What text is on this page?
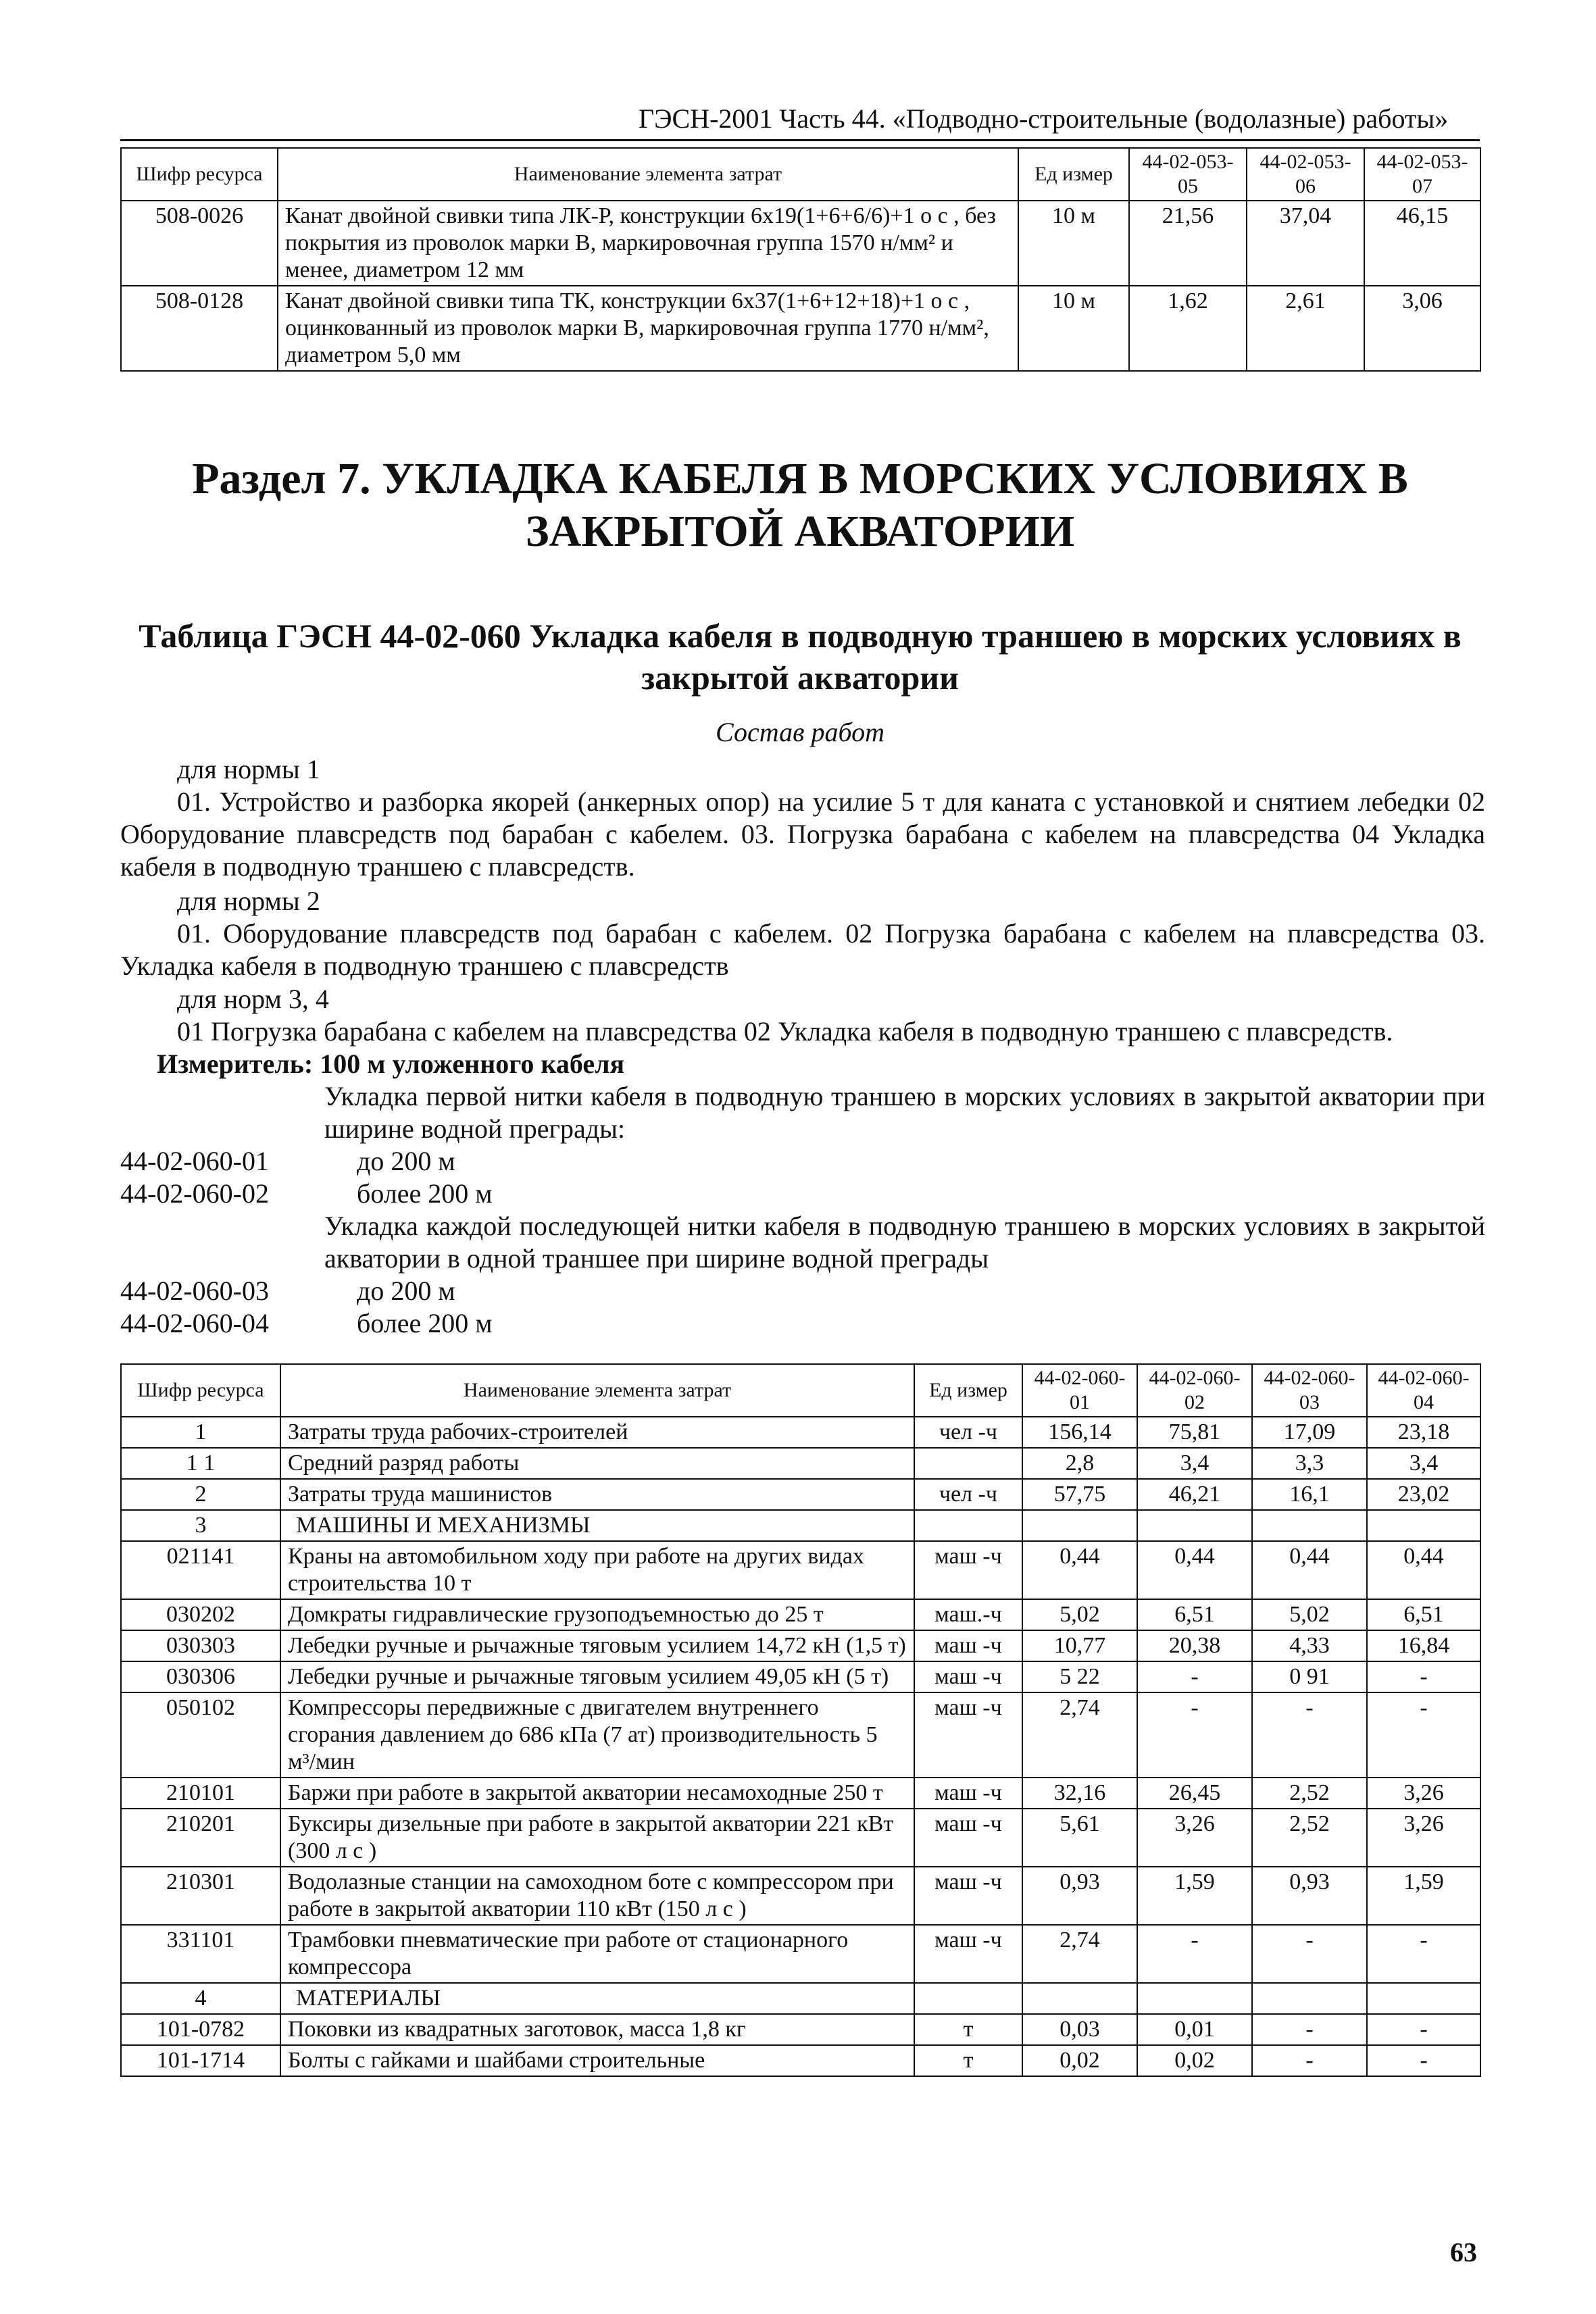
ГЭСН-2001 Часть 44. «Подводно-строительные (водолазные) работы»
Шифр ресурса	Наименование элемента затрат	Ед измер	44-02-053-05	44-02-053-06	44-02-053-07
508-0026	Канат двойной свивки типа ЛК-Р, конструкции 6х19(1+6+6/6)+1 о с , без покрытия из проволок марки В, маркировочная группа 1570 н/мм² и менее, диаметром 12 мм	10 м	21,56	37,04	46,15
508-0128	Канат двойной свивки типа ТК, конструкции 6х37(1+6+12+18)+1 о с , оцинкованный из проволок марки В, маркировочная группа 1770 н/мм², диаметром 5,0 мм	10 м	1,62	2,61	3,06
Раздел 7. УКЛАДКА КАБЕЛЯ В МОРСКИХ УСЛОВИЯХ В ЗАКРЫТОЙ АКВАТОРИИ
Таблица ГЭСН 44-02-060 Укладка кабеля в подводную траншею в морских условиях в закрытой акватории
Состав работ
для нормы 1
01. Устройство и разборка якорей (анкерных опор) на усилие 5 т для каната с установкой и снятием лебедки 02 Оборудование плавсредств под барабан с кабелем. 03. Погрузка барабана с кабелем на плавсредства 04 Укладка кабеля в подводную траншею с плавсредств.
для нормы 2
01. Оборудование плавсредств под барабан с кабелем. 02 Погрузка барабана с кабелем на плавсредства 03. Укладка кабеля в подводную траншею с плавсредств
для норм 3, 4
01 Погрузка барабана с кабелем на плавсредства 02 Укладка кабеля в подводную траншею с плавсредств.
Измеритель: 100 м уложенного кабеля
Укладка первой нитки кабеля в подводную траншею в морских условиях в закрытой акватории при ширине водной преграды:
44-02-060-01	до 200 м
44-02-060-02	более 200 м
Укладка каждой последующей нитки кабеля в подводную траншею в морских условиях в закрытой акватории в одной траншее при ширине водной преграды
44-02-060-03	до 200 м
44-02-060-04	более 200 м
Шифр ресурса	Наименование элемента затрат	Ед измер	44-02-060-01	44-02-060-02	44-02-060-03	44-02-060-04
1	Затраты труда рабочих-строителей	чел -ч	156,14	75,81	17,09	23,18
1 1	Средний разряд работы		2,8	3,4	3,3	3,4
2	Затраты труда машинистов	чел -ч	57,75	46,21	16,1	23,02
3	МАШИНЫ И МЕХАНИЗМЫ					
021141	Краны на автомобильном ходу при работе на других видах строительства 10 т	маш -ч	0,44	0,44	0,44	0,44
030202	Домкраты гидравлические грузоподъемностью до 25 т	маш.-ч	5,02	6,51	5,02	6,51
030303	Лебедки ручные и рычажные тяговым усилием 14,72 кН (1,5 т)	маш -ч	10,77	20,38	4,33	16,84
030306	Лебедки ручные и рычажные тяговым усилием 49,05 кН (5 т)	маш -ч	5 22	-	0 91	-
050102	Компрессоры передвижные с двигателем внутреннего сгорания давлением до 686 кПа (7 ат) производительность 5 м³/мин	маш -ч	2,74	-	-	-
210101	Баржи при работе в закрытой акватории несамоходные 250 т	маш -ч	32,16	26,45	2,52	3,26
210201	Буксиры дизельные при работе в закрытой акватории 221 кВт (300 л с )	маш -ч	5,61	3,26	2,52	3,26
210301	Водолазные станции на самоходном боте с компрессором при работе в закрытой акватории 110 кВт (150 л с )	маш -ч	0,93	1,59	0,93	1,59
331101	Трамбовки пневматические при работе от стационарного компрессора	маш -ч	2,74	-	-	-
4	МАТЕРИАЛЫ					
101-0782	Поковки из квадратных заготовок, масса 1,8 кг	т	0,03	0,01	-	-
101-1714	Болты с гайками и шайбами строительные	т	0,02	0,02	-	-
63
